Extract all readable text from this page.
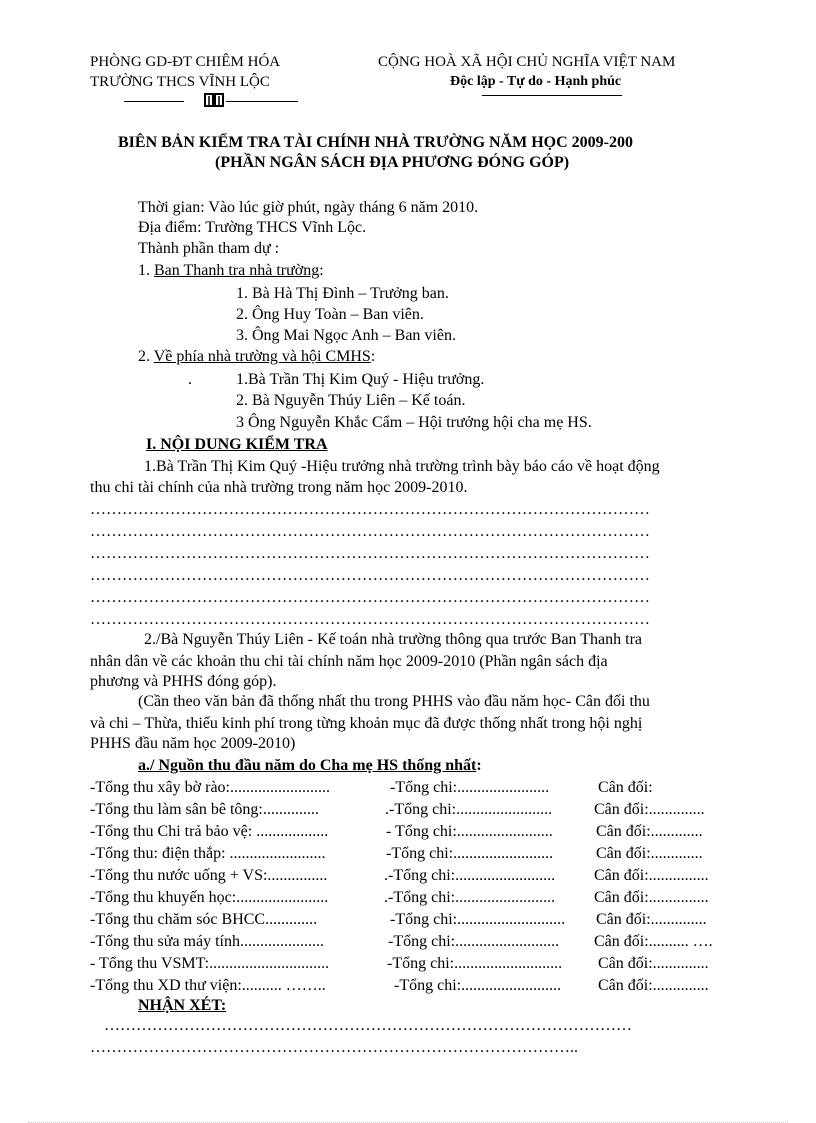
PHÒNG GD-ĐT CHIÊM HÓA
TRƯỜNG THCS VĨNH LỘC
CỘNG HOÀ XÃ HỘI CHỦ NGHĨA VIỆT NAM
Độc lập - Tự do - Hạnh phúc
BIÊN BẢN KIỂM TRA TÀI CHÍNH NHÀ TRƯỜNG NĂM HỌC 2009-200
(PHẦN NGÂN SÁCH ĐỊA PHƯƠNG ĐÓNG GÓP)
Thời gian: Vào lúc giờ phút, ngày tháng 6 năm 2010.
Địa điểm: Trường THCS Vĩnh Lộc.
Thành phần tham dự :
1. Ban Thanh tra nhà trường:
1. Bà Hà Thị Đình – Trưởng ban.
2. Ông Huy Toàn – Ban viên.
3. Ông Mai Ngọc Anh – Ban viên.
2. Về phía nhà trường và hội CMHS:
.	1.Bà Trần Thị Kim Quý - Hiệu trưởng.
2. Bà Nguyễn Thúy Liên – Kế toán.
3 Ông Nguyễn Khắc Cẩm – Hội trưởng hội cha mẹ HS.
I. NỘI DUNG KIỂM TRA
1.Bà Trần Thị Kim Quý -Hiệu trưởng nhà trường trình bày báo cáo về hoạt động
thu chi tài chính của nhà trường trong năm học 2009-2010.
……………………………………………………………………………………………
……………………………………………………………………………………………
……………………………………………………………………………………………
……………………………………………………………………………………………
……………………………………………………………………………………………
……………………………………………………………………………………………
2./Bà Nguyễn Thúy Liên - Kế toán nhà trường thông qua trước Ban Thanh tra
nhân dân về các khoản thu chi tài chính năm học 2009-2010 (Phần ngân sách địa
phương và PHHS đóng góp).
(Cần theo văn bản đã thống nhất thu trong PHHS vào đầu năm học- Cân đối thu
và chi – Thừa, thiếu kinh phí trong từng khoản mục đã được thống nhất trong hội nghị
PHHS đầu năm học 2009-2010)
a./ Nguồn thu đầu năm do Cha mẹ HS thống nhất:
-Tổng thu xây bờ rào:.........................	-Tổng chi:.......................	Cân đối:
-Tổng thu làm sân bê tông:..............	.-Tổng chi:........................	Cân đối:..............
-Tổng thu Chi trả bảo vệ: ..................	- Tổng chi:........................	Cân đối:.............
-Tổng thu: điện thắp: ........................	-Tổng chi:.........................	Cân đối:.............
-Tổng thu nước uống + VS:...............	.-Tổng chi:......................... Cân đối:...............
-Tổng thu khuyến học:.......................	.-Tổng chi:......................... Cân đối:...............
-Tổng thu chăm sóc BHCC.............	-Tổng chi:........................... Cân đối:..............
-Tổng thu sửa máy tính.....................	-Tổng chi:.......................... Cân đối:.......... ….
- Tổng thu VSMT:..............................	-Tổng chi:........................... Cân đối:..............
-Tổng thu XD thư viện:.......... ……..	-Tổng chi:......................... Cân đối:..............
NHẬN XÉT:
………………………………………………………………………………………
………………………………………………………………………………..
